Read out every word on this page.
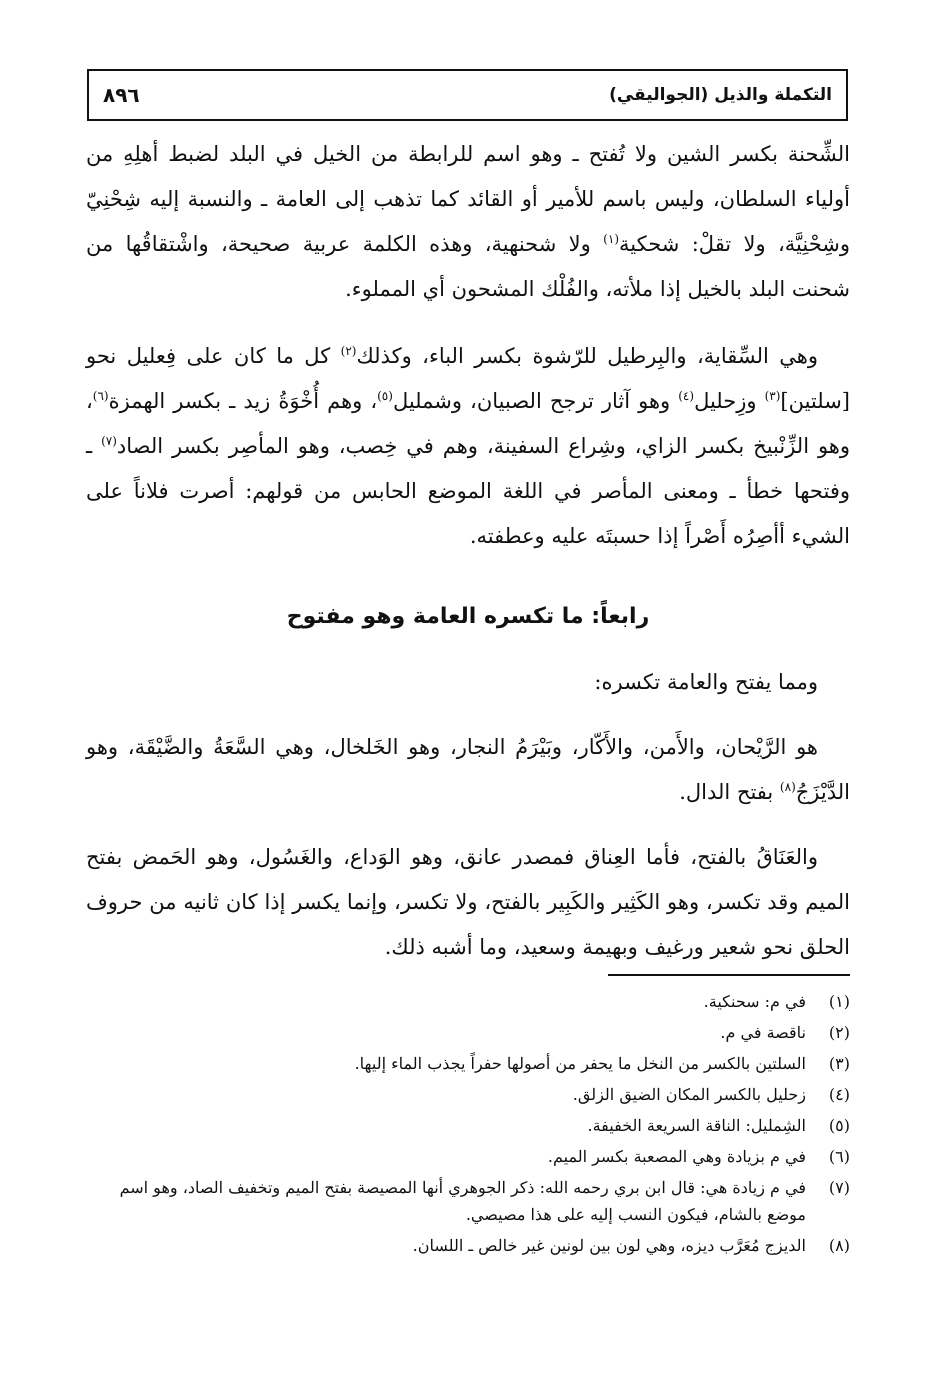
التكملة والذيل (الجواليقي)
٨٩٦

الشِّحنة بكسر الشين ولا تُفتح ـ وهو اسم للرابطة من الخيل في البلد لضبط أهلِهِ من أولياء السلطان، وليس باسم للأمير أو القائد كما تذهب إلى العامة ـ والنسبة إليه شِحْنِيّ وشِحْنِيَّة، ولا تقلْ: شحكية$^{(١)}$ ولا شحنهية، وهذه الكلمة عربية صحيحة، واشْتقاقُها من شحنت البلد بالخيل إذا ملأته، والفُلْك المشحون أي المملوء.

وهي السِّقاية، والبِرطيل للرّشوة بكسر الباء، وكذلك$^{(٢)}$ كل ما كان على فِعليل نحو [سلتين]$^{(٣)}$ وزِحليل$^{(٤)}$ وهو آثار ترجح الصبيان، وشمليل$^{(٥)}$، وهم أُخْوَةُ زيد ـ بكسر الهمزة$^{(٦)}$، وهو الزِّنْبيخ بكسر الزاي، وشِراع السفينة، وهم في خِصب، وهو المأصِر بكسر الصاد$^{(٧)}$ ـ وفتحها خطأ ـ ومعنى المأصر في اللغة الموضع الحابس من قولهم: أصرت فلاناً على الشيء أأصِرُه أَصْراً إذا حسبتَه عليه وعطفته.

رابعاً: ما تكسره العامة وهو مفتوح

ومما يفتح والعامة تكسره:

هو الرَّيْحان، والأَمن، والأَكّار، وبَيْرَمُ النجار، وهو الخَلخال، وهي السَّعَةُ والضَّيْقَة، وهو الدَّيْزَجُ$^{(٨)}$ بفتح الدال.

والعَنَاقُ بالفتح، فأما العِناق فمصدر عانق، وهو الوَداع، والغَسُول، وهو الحَمض بفتح الميم وقد تكسر، وهو الكَثِير والكَبِير بالفتح، ولا تكسر، وإنما يكسر إذا كان ثانيه من حروف الحلق نحو شعير ورغيف وبهيمة وسعيد، وما أشبه ذلك.

(١)
في م: سحنكية.
(٢)
ناقصة في م.
(٣)
السلتين بالكسر من النخل ما يحفر من أصولها حفراً يجذب الماء إليها.
(٤)
زحليل بالكسر المكان الضيق الزلق.
(٥)
الشِمليل: الناقة السريعة الخفيفة.
(٦)
في م بزيادة وهي المصعبة بكسر الميم.
(٧)
في م زيادة هي: قال ابن بري رحمه الله: ذكر الجوهري أنها المصيصة بفتح الميم وتخفيف الصاد، وهو اسم موضع بالشام، فيكون النسب إليه على هذا مصيصي.
(٨)
الديزج مُعَرَّب ديزه، وهي لون بين لونين غير خالص ـ اللسان.
